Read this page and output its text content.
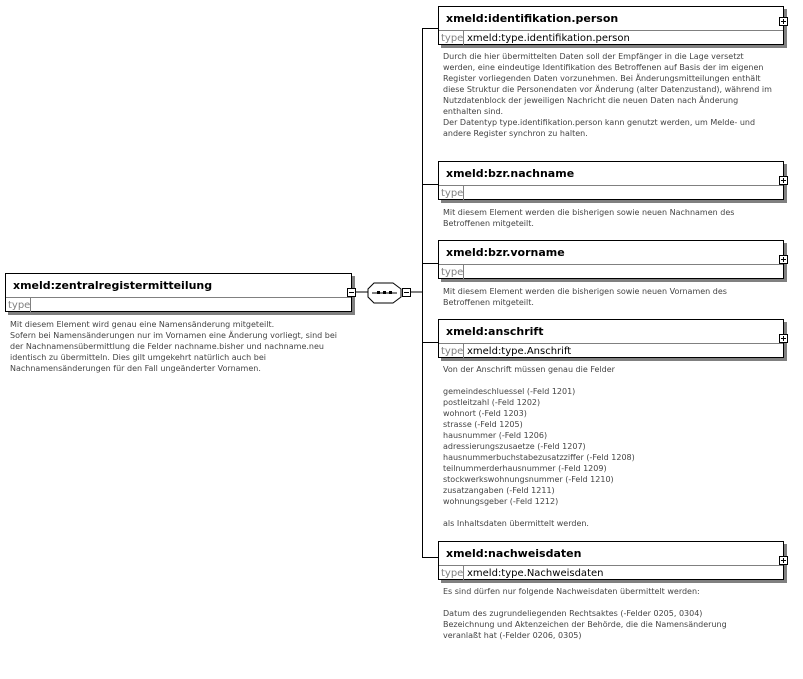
xmeld:zentralregistermitteilung
type
Mit diesem Element wird genau eine Namensänderung mitgeteilt.
Sofern bei Namensänderungen nur im Vornamen eine Änderung vorliegt, sind bei
der Nachnamensübermittlung die Felder nachname.bisher und nachname.neu
identisch zu übermitteln. Dies gilt umgekehrt natürlich auch bei
Nachnamensänderungen für den Fall ungeänderter Vornamen.
xmeld:identifikation.person
type xmeld:type.identifikation.person
Durch die hier übermittelten Daten soll der Empfänger in die Lage versetzt
werden, eine eindeutige Identifikation des Betroffenen auf Basis der im eigenen
Register vorliegenden Daten vorzunehmen. Bei Änderungsmitteilungen enthält
diese Struktur die Personendaten vor Änderung (alter Datenzustand), während im
Nutzdatenblock der jeweiligen Nachricht die neuen Daten nach Änderung
enthalten sind.
Der Datentyp type.identifikation.person kann genutzt werden, um Melde- und
andere Register synchron zu halten.
xmeld:bzr.nachname
type
Mit diesem Element werden die bisherigen sowie neuen Nachnamen des
Betroffenen mitgeteilt.
xmeld:bzr.vorname
type
Mit diesem Element werden die bisherigen sowie neuen Vornamen des
Betroffenen mitgeteilt.
xmeld:anschrift
type xmeld:type.Anschrift
Von der Anschrift müssen genau die Felder

gemeindeschluessel (-Feld 1201)
postleitzahl (-Feld 1202)
wohnort (-Feld 1203)
strasse (-Feld 1205)
hausnummer (-Feld 1206)
adressierungszusaetze (-Feld 1207)
hausnummerbuchstabezusatzziffer (-Feld 1208)
teilnummerderhausnummer (-Feld 1209)
stockwerkswohnungsnummer (-Feld 1210)
zusatzangaben (-Feld 1211)
wohnungsgeber (-Feld 1212)

als Inhaltsdaten übermittelt werden.
xmeld:nachweisdaten
type xmeld:type.Nachweisdaten
Es sind dürfen nur folgende Nachweisdaten übermittelt werden:

Datum des zugrundeliegenden Rechtsaktes (-Felder 0205, 0304)
Bezeichnung und Aktenzeichen der Behörde, die die Namensänderung
veranlaßt hat (-Felder 0206, 0305)
